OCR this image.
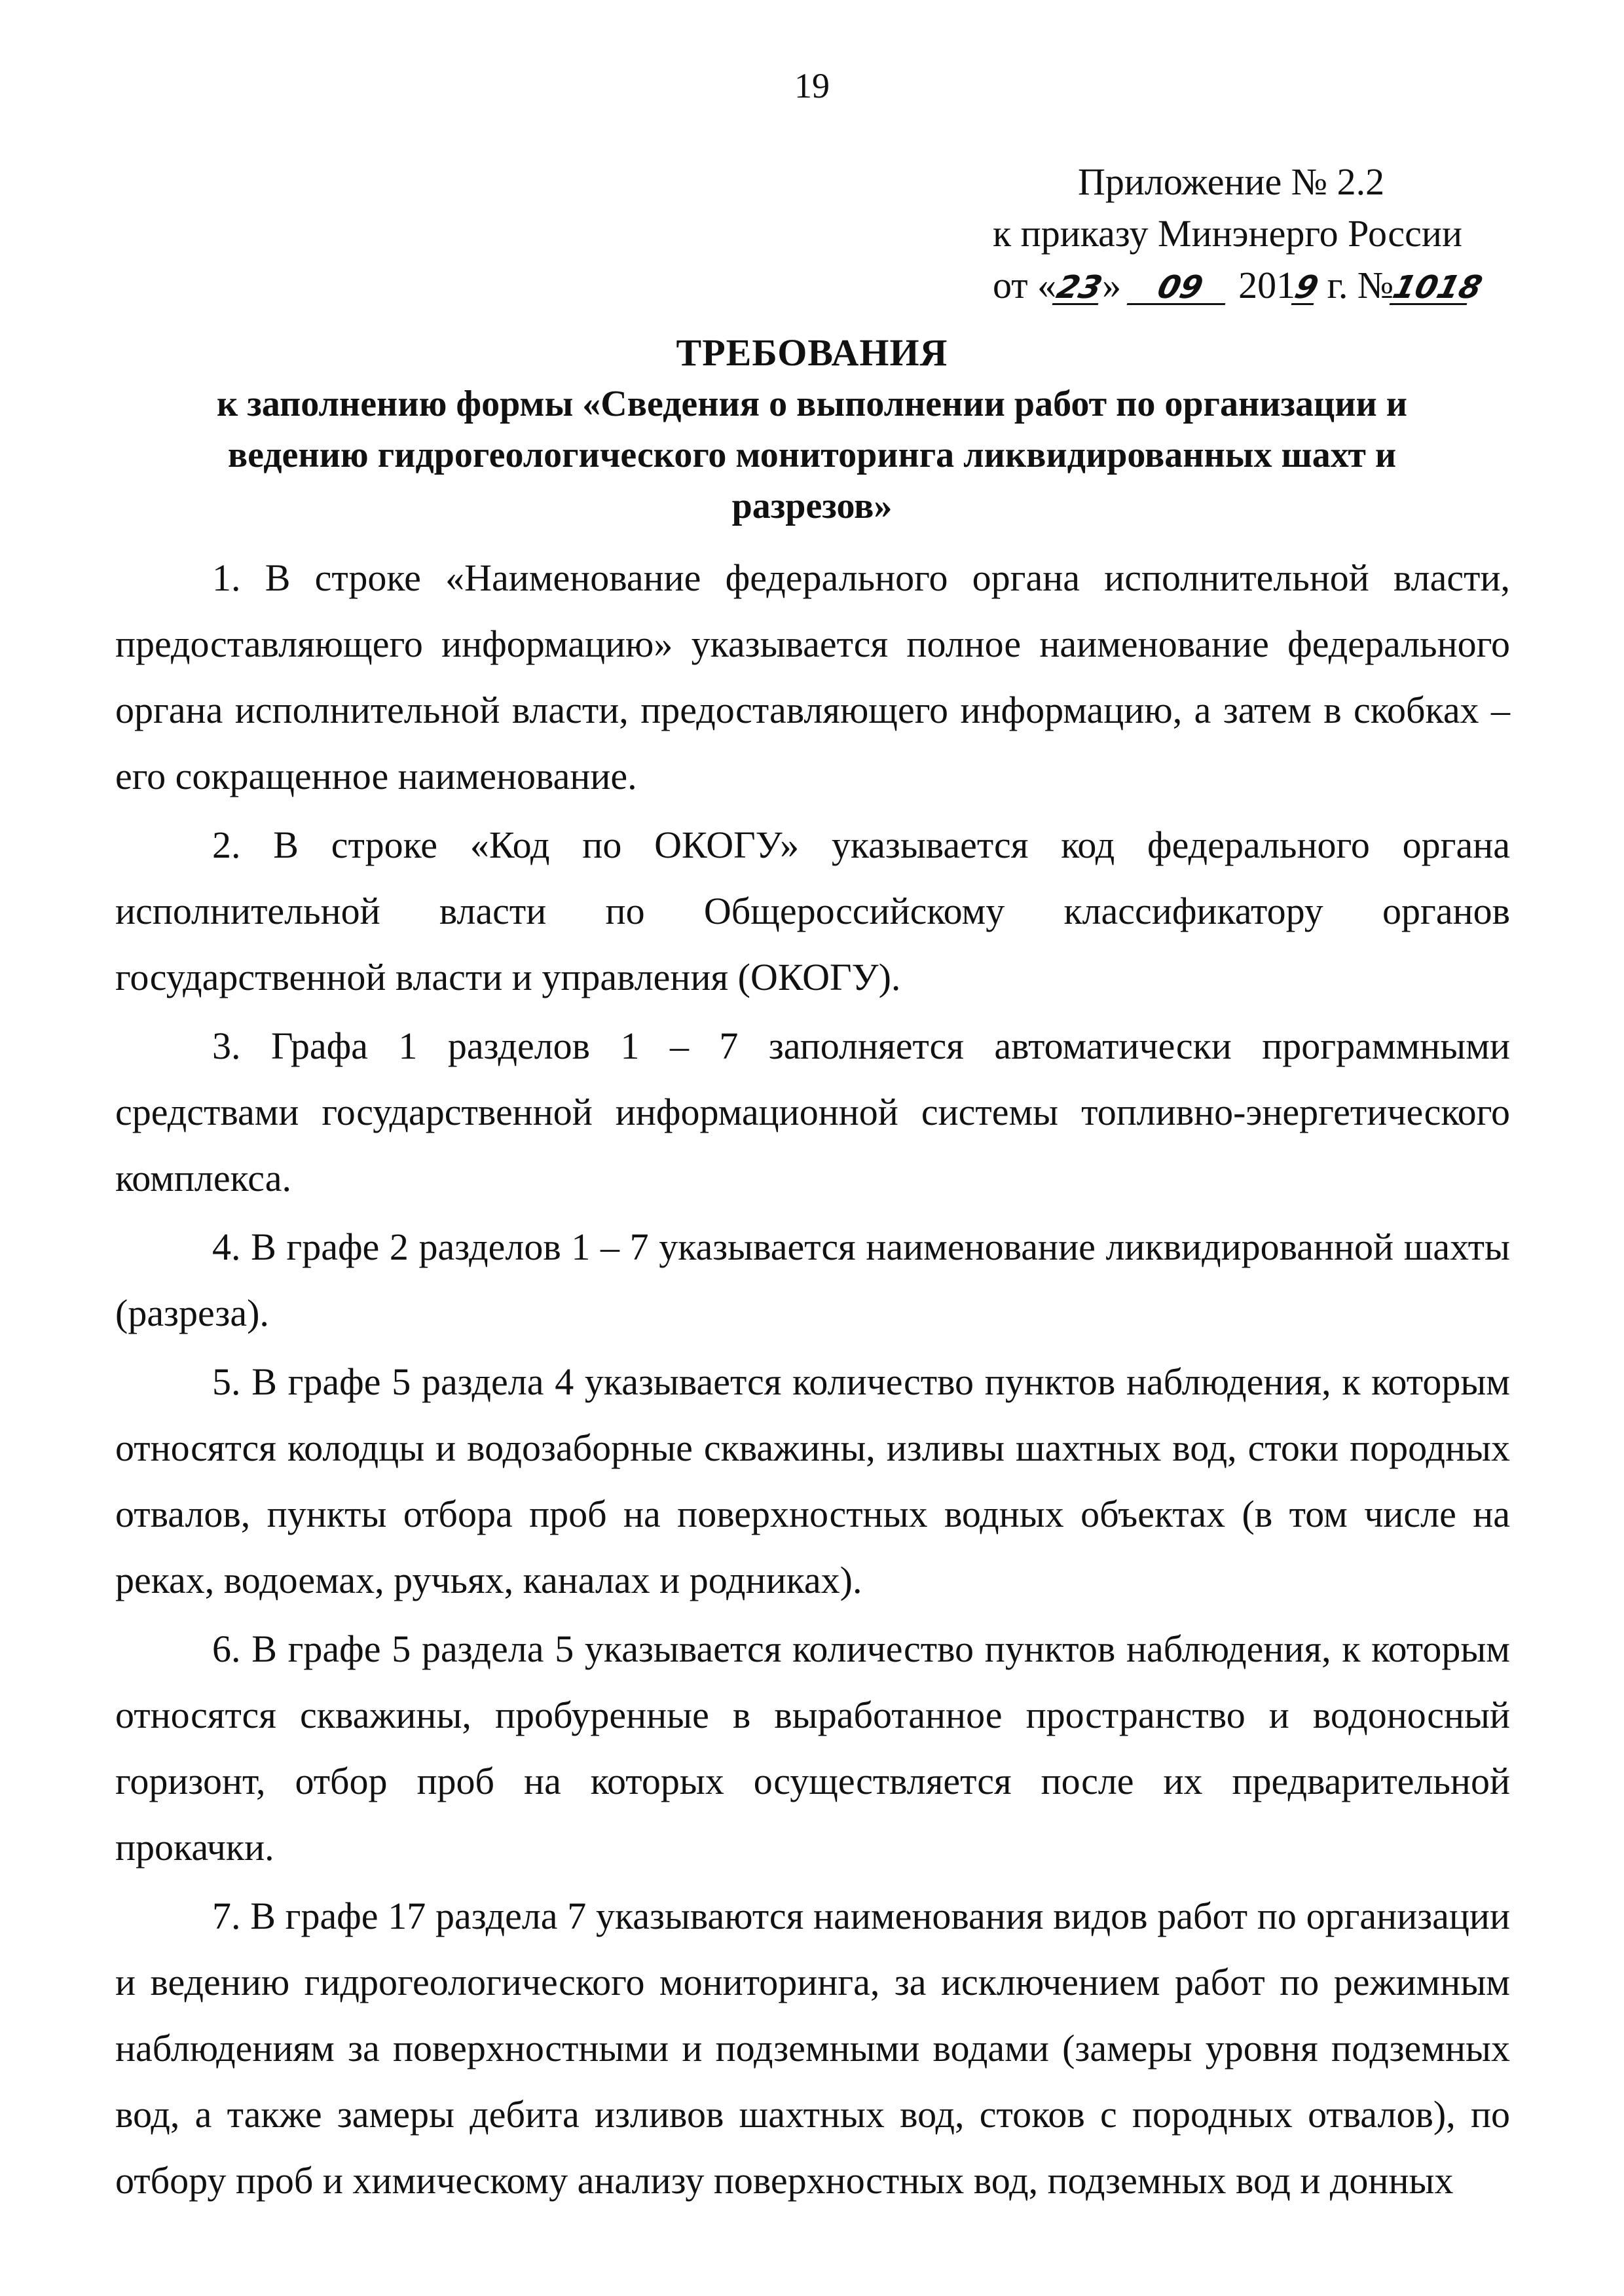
19
Приложение № 2.2
к приказу Минэнерго России
от «23» 09 2019 г. №1018
ТРЕБОВАНИЯ
к заполнению формы «Сведения о выполнении работ по организации и ведению гидрогеологического мониторинга ликвидированных шахт и разрезов»

1. В строке «Наименование федерального органа исполнительной власти, предоставляющего информацию» указывается полное наименование федерального органа исполнительной власти, предоставляющего информацию, а затем в скобках – его сокращенное наименование.

2. В строке «Код по ОКОГУ» указывается код федерального органа исполнительной власти по Общероссийскому классификатору органов государственной власти и управления (ОКОГУ).

3. Графа 1 разделов 1 – 7 заполняется автоматически программными средствами государственной информационной системы топливно-энергетического комплекса.

4. В графе 2 разделов 1 – 7 указывается наименование ликвидированной шахты (разреза).

5. В графе 5 раздела 4 указывается количество пунктов наблюдения, к которым относятся колодцы и водозаборные скважины, изливы шахтных вод, стоки породных отвалов, пункты отбора проб на поверхностных водных объектах (в том числе на реках, водоемах, ручьях, каналах и родниках).

6. В графе 5 раздела 5 указывается количество пунктов наблюдения, к которым относятся скважины, пробуренные в выработанное пространство и водоносный горизонт, отбор проб на которых осуществляется после их предварительной прокачки.

7. В графе 17 раздела 7 указываются наименования видов работ по организации и ведению гидрогеологического мониторинга, за исключением работ по режимным наблюдениям за поверхностными и подземными водами (замеры уровня подземных вод, а также замеры дебита изливов шахтных вод, стоков с породных отвалов), по отбору проб и химическому анализу поверхностных вод, подземных вод и донных
